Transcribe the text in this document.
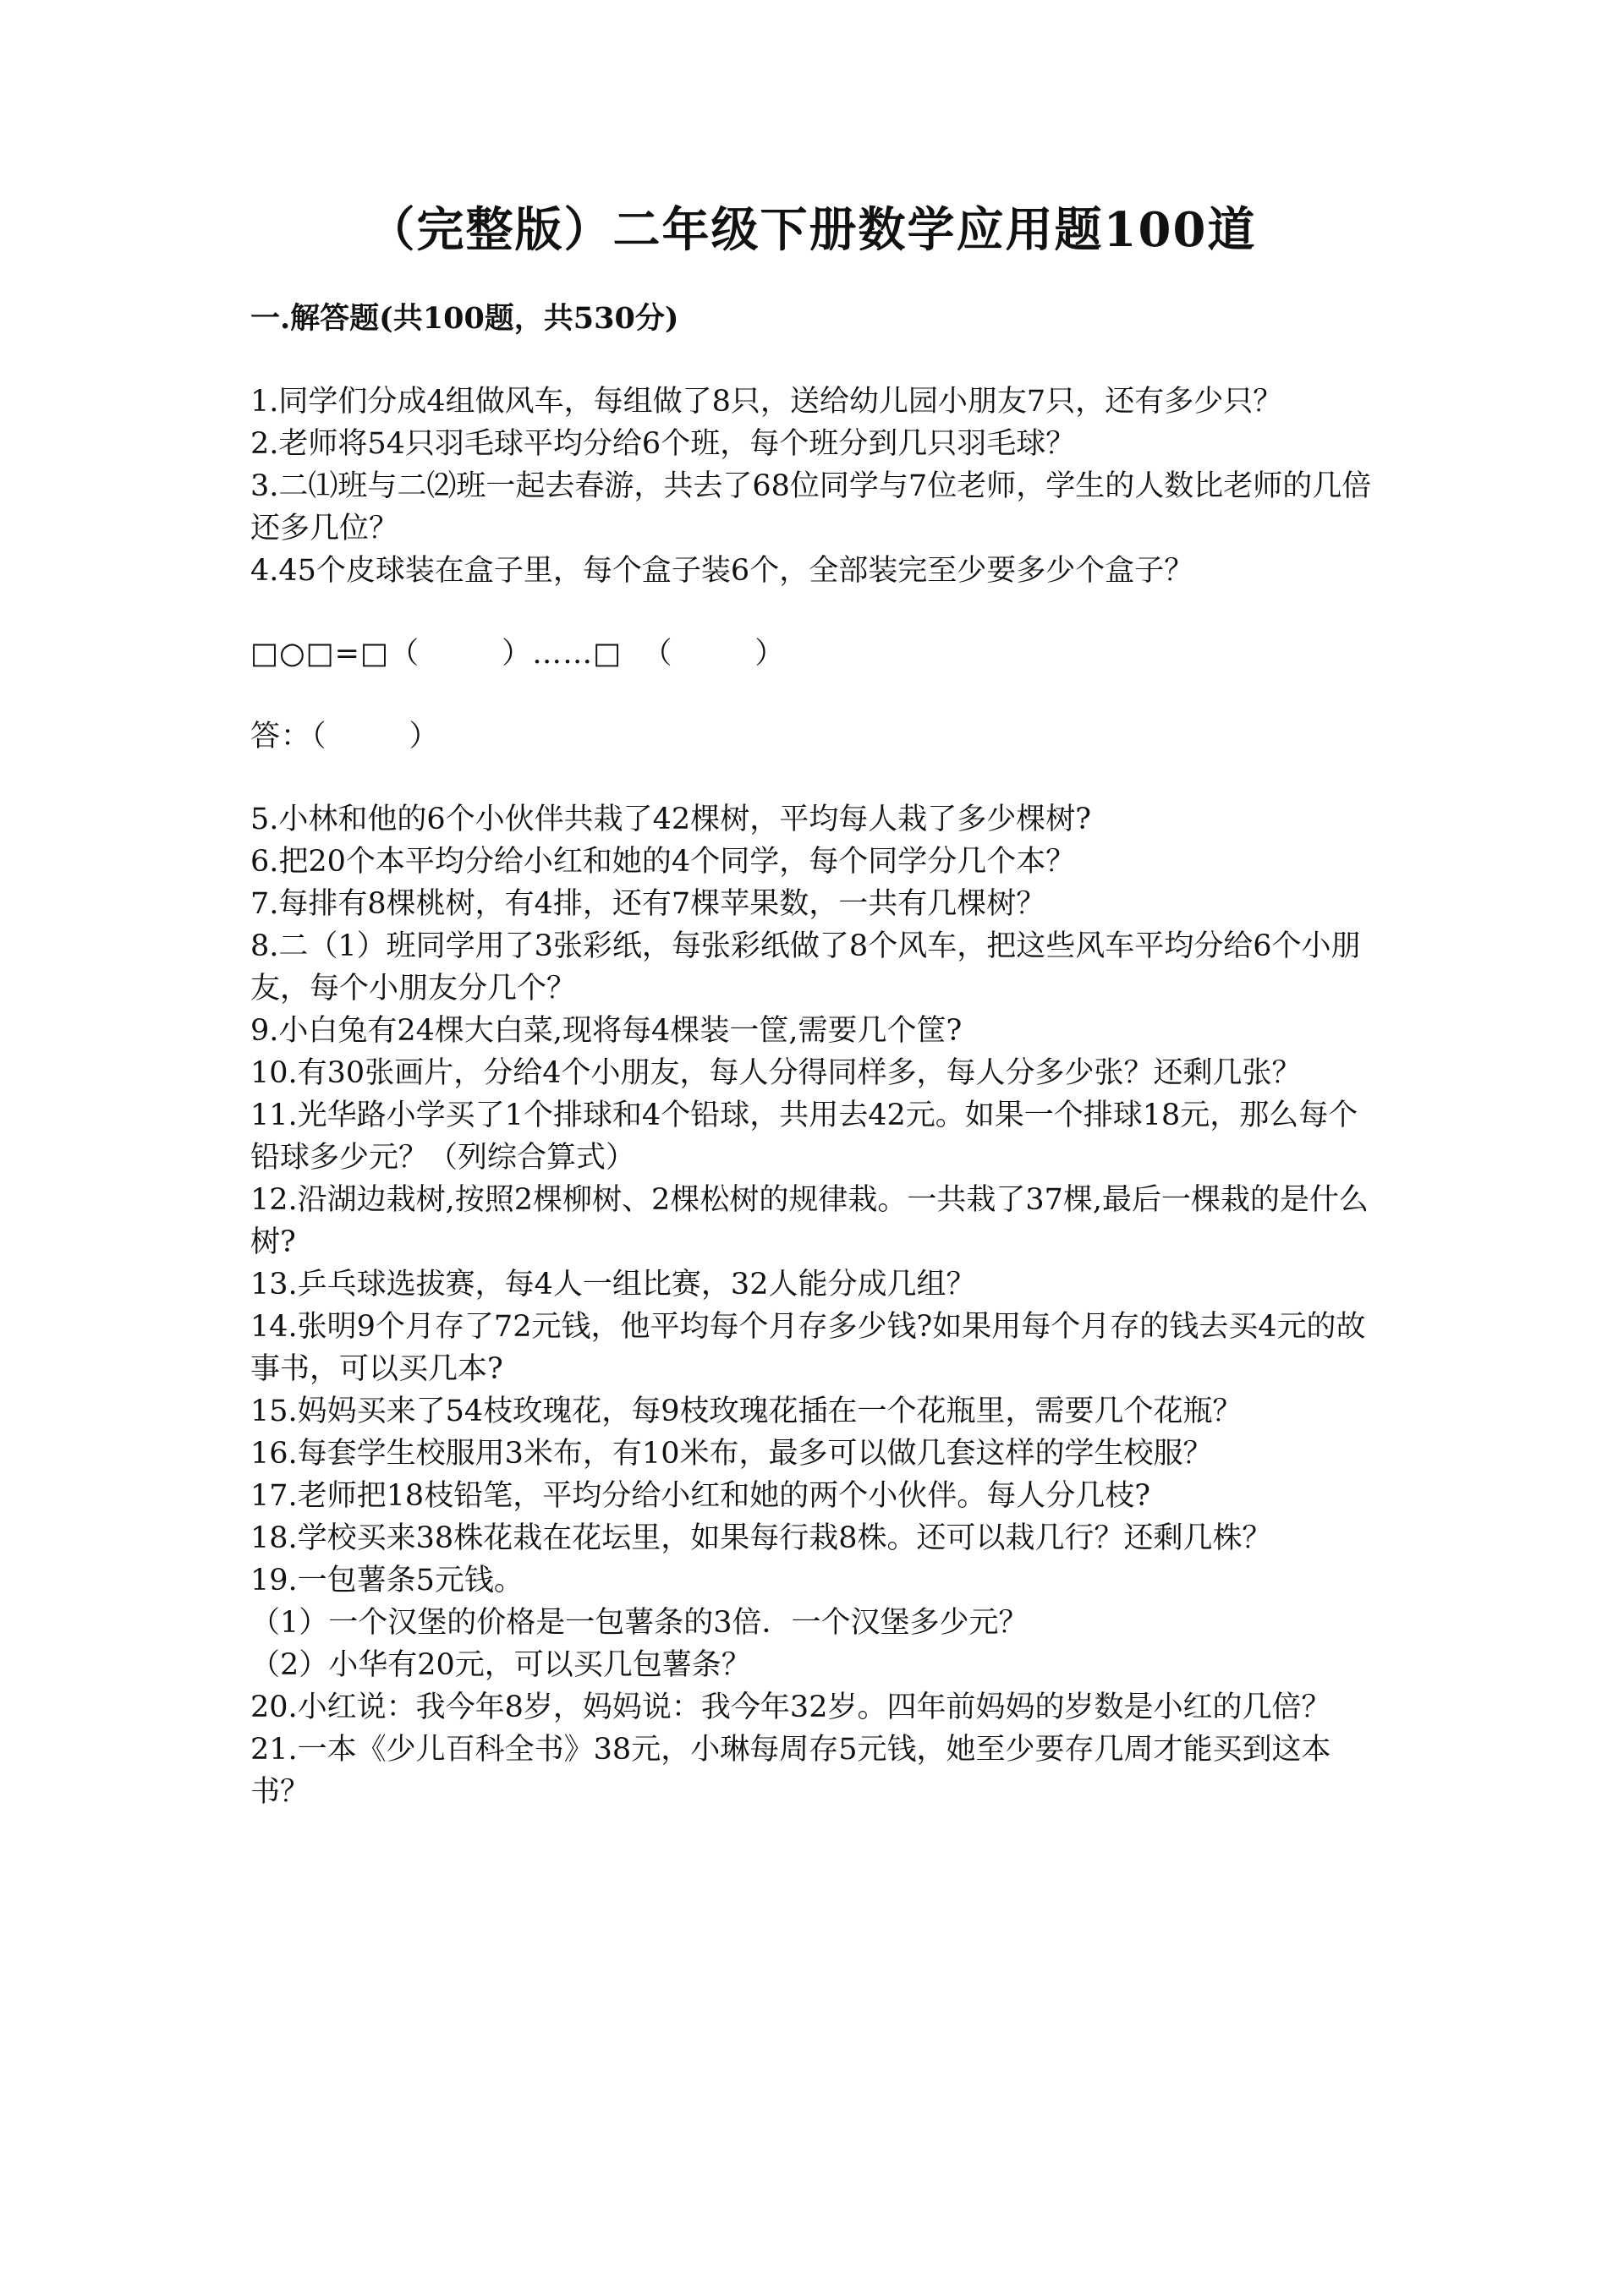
（完整版）二年级下册数学应用题100道
一.解答题(共100题，共530分)

1.同学们分成4组做风车，每组做了8只，送给幼儿园小朋友7只，还有多少只？

2.老师将54只羽毛球平均分给6个班，每个班分到几只羽毛球？

3.二⑴班与二⑵班一起去春游，共去了68位同学与7位老师，学生的人数比老师的几倍还多几位？

4.45个皮球装在盒子里，每个盒子装6个，全部装完至少要多少个盒子？

□○□=□（        ）……□  （        ）

答：（        ）

5.小林和他的6个小伙伴共栽了42棵树，平均每人栽了多少棵树?

6.把20个本平均分给小红和她的4个同学，每个同学分几个本？

7.每排有8棵桃树，有4排，还有7棵苹果数，一共有几棵树？

8.二（1）班同学用了3张彩纸，每张彩纸做了8个风车，把这些风车平均分给6个小朋友，每个小朋友分几个？

9.小白兔有24棵大白菜,现将每4棵装一筐,需要几个筐?

10.有30张画片，分给4个小朋友，每人分得同样多，每人分多少张？还剩几张？

11.光华路小学买了1个排球和4个铅球，共用去42元。如果一个排球18元，那么每个铅球多少元？（列综合算式）

12.沿湖边栽树,按照2棵柳树、2棵松树的规律栽。一共栽了37棵,最后一棵栽的是什么树?

13.乒乓球选拔赛，每4人一组比赛，32人能分成几组？

14.张明9个月存了72元钱，他平均每个月存多少钱?如果用每个月存的钱去买4元的故事书，可以买几本?

15.妈妈买来了54枝玫瑰花，每9枝玫瑰花插在一个花瓶里，需要几个花瓶？

16.每套学生校服用3米布，有10米布，最多可以做几套这样的学生校服？

17.老师把18枝铅笔，平均分给小红和她的两个小伙伴。每人分几枝?

18.学校买来38株花栽在花坛里，如果每行栽8株。还可以栽几行？还剩几株？

19.一包薯条5元钱。

（1）一个汉堡的价格是一包薯条的3倍．一个汉堡多少元？

（2）小华有20元，可以买几包薯条？

20.小红说：我今年8岁，妈妈说：我今年32岁。四年前妈妈的岁数是小红的几倍？

21.一本《少儿百科全书》38元，小琳每周存5元钱，她至少要存几周才能买到这本书？
